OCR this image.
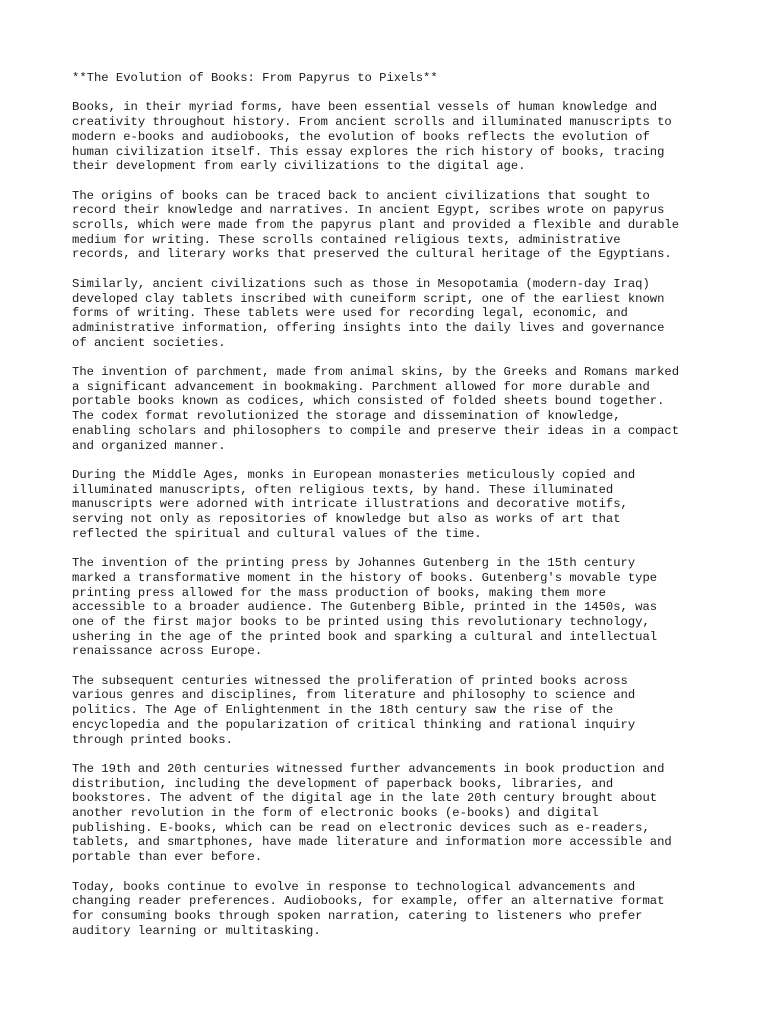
**The Evolution of Books: From Papyrus to Pixels**

Books, in their myriad forms, have been essential vessels of human knowledge and
creativity throughout history. From ancient scrolls and illuminated manuscripts to
modern e-books and audiobooks, the evolution of books reflects the evolution of
human civilization itself. This essay explores the rich history of books, tracing
their development from early civilizations to the digital age.

The origins of books can be traced back to ancient civilizations that sought to
record their knowledge and narratives. In ancient Egypt, scribes wrote on papyrus
scrolls, which were made from the papyrus plant and provided a flexible and durable
medium for writing. These scrolls contained religious texts, administrative
records, and literary works that preserved the cultural heritage of the Egyptians.

Similarly, ancient civilizations such as those in Mesopotamia (modern-day Iraq)
developed clay tablets inscribed with cuneiform script, one of the earliest known
forms of writing. These tablets were used for recording legal, economic, and
administrative information, offering insights into the daily lives and governance
of ancient societies.

The invention of parchment, made from animal skins, by the Greeks and Romans marked
a significant advancement in bookmaking. Parchment allowed for more durable and
portable books known as codices, which consisted of folded sheets bound together.
The codex format revolutionized the storage and dissemination of knowledge,
enabling scholars and philosophers to compile and preserve their ideas in a compact
and organized manner.

During the Middle Ages, monks in European monasteries meticulously copied and
illuminated manuscripts, often religious texts, by hand. These illuminated
manuscripts were adorned with intricate illustrations and decorative motifs,
serving not only as repositories of knowledge but also as works of art that
reflected the spiritual and cultural values of the time.

The invention of the printing press by Johannes Gutenberg in the 15th century
marked a transformative moment in the history of books. Gutenberg's movable type
printing press allowed for the mass production of books, making them more
accessible to a broader audience. The Gutenberg Bible, printed in the 1450s, was
one of the first major books to be printed using this revolutionary technology,
ushering in the age of the printed book and sparking a cultural and intellectual
renaissance across Europe.

The subsequent centuries witnessed the proliferation of printed books across
various genres and disciplines, from literature and philosophy to science and
politics. The Age of Enlightenment in the 18th century saw the rise of the
encyclopedia and the popularization of critical thinking and rational inquiry
through printed books.

The 19th and 20th centuries witnessed further advancements in book production and
distribution, including the development of paperback books, libraries, and
bookstores. The advent of the digital age in the late 20th century brought about
another revolution in the form of electronic books (e-books) and digital
publishing. E-books, which can be read on electronic devices such as e-readers,
tablets, and smartphones, have made literature and information more accessible and
portable than ever before.

Today, books continue to evolve in response to technological advancements and
changing reader preferences. Audiobooks, for example, offer an alternative format
for consuming books through spoken narration, catering to listeners who prefer
auditory learning or multitasking.
